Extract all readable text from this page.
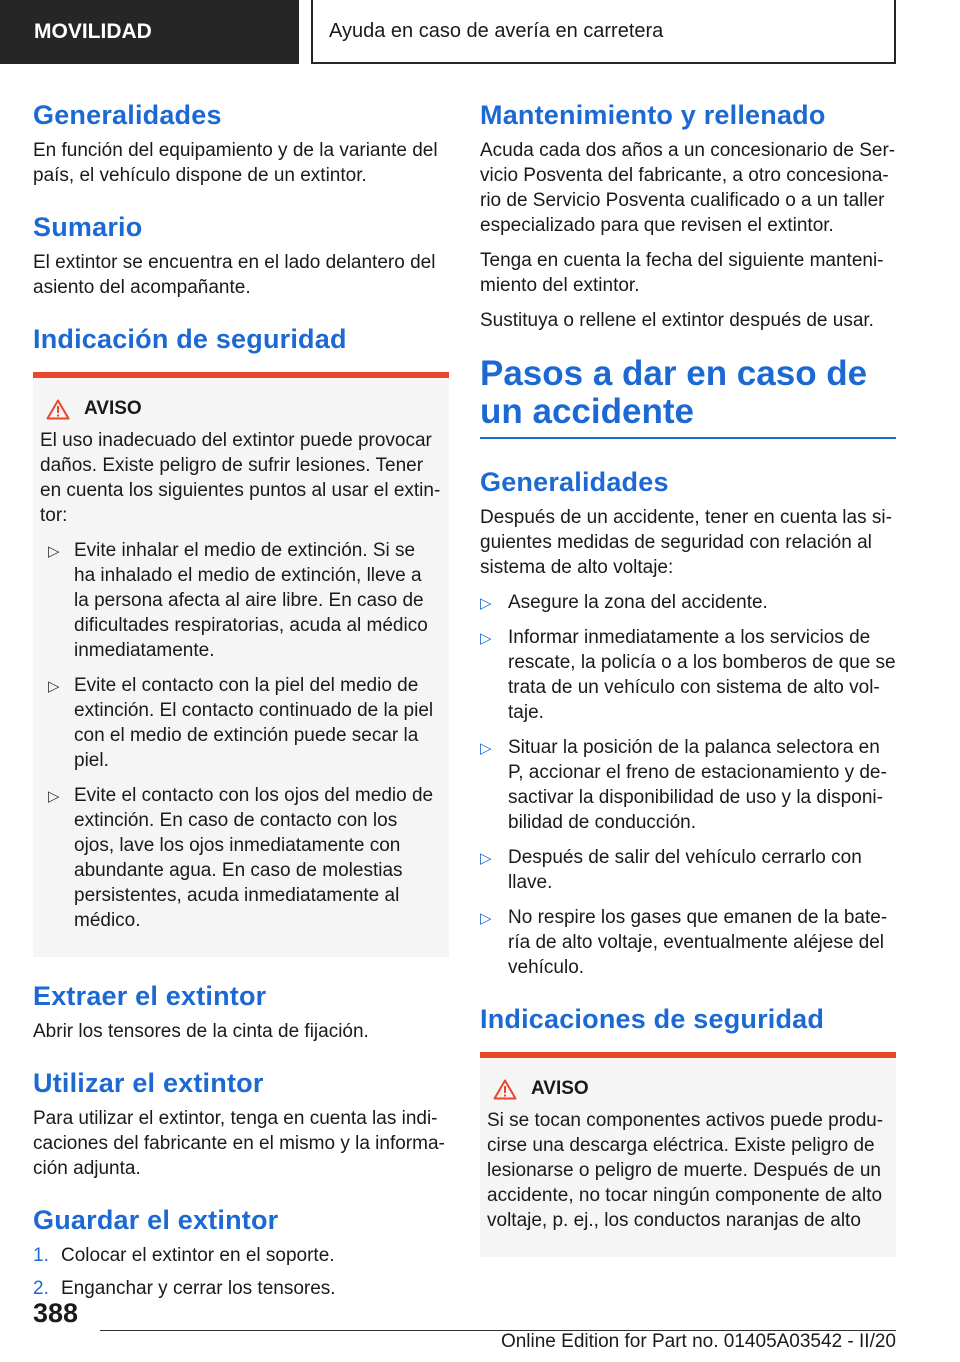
MOVILIDAD	Ayuda en caso de avería en carretera
Generalidades

En función del equipamiento y de la variante del país, el vehículo dispone de un extintor.

Sumario

El extintor se encuentra en el lado delantero del asiento del acompañante.

Indicación de seguridad
AVISO

El uso inadecuado del extintor puede provocar daños. Existe peligro de sufrir lesiones. Tener en cuenta los siguientes puntos al usar el extin-tor:

▷ Evite inhalar el medio de extinción. Si se ha inhalado el medio de extinción, lleve a la persona afecta al aire libre. En caso de dificultades respiratorias, acuda al médico inmediatamente.
▷ Evite el contacto con la piel del medio de extinción. El contacto continuado de la piel con el medio de extinción puede secar la piel.
▷ Evite el contacto con los ojos del medio de extinción. En caso de contacto con los ojos, lave los ojos inmediatamente con abundante agua. En caso de molestias persistentes, acuda inmediatamente al médico.
Extraer el extintor

Abrir los tensores de la cinta de fijación.

Utilizar el extintor

Para utilizar el extintor, tenga en cuenta las indi-caciones del fabricante en el mismo y la informa-ción adjunta.

Guardar el extintor
1. Colocar el extintor en el soporte.
2. Enganchar y cerrar los tensores.
Mantenimiento y rellenado

Acuda cada dos años a un concesionario de Ser-vicio Posventa del fabricante, a otro concesiona-rio de Servicio Posventa cualificado o a un taller especializado para que revisen el extintor.

Tenga en cuenta la fecha del siguiente manteni-miento del extintor.

Sustituya o rellene el extintor después de usar.

Pasos a dar en caso de un accidente
Generalidades

Después de un accidente, tener en cuenta las si-guientes medidas de seguridad con relación al sistema de alto voltaje:

▷ Asegure la zona del accidente.
▷ Informar inmediatamente a los servicios de rescate, la policía o a los bomberos de que se trata de un vehículo con sistema de alto vol-taje.
▷ Situar la posición de la palanca selectora en P, accionar el freno de estacionamiento y de-sactivar la disponibilidad de uso y la disponi-bilidad de conducción.
▷ Después de salir del vehículo cerrarlo con llave.
▷ No respire los gases que emanen de la bate-ría de alto voltaje, eventualmente aléjese del vehículo.
Indicaciones de seguridad
AVISO

Si se tocan componentes activos puede produ-cirse una descarga eléctrica. Existe peligro de lesionarse o peligro de muerte. Después de un accidente, no tocar ningún componente de alto voltaje, p. ej., los conductos naranjas de alto

388
Online Edition for Part no. 01405A03542 - II/20
